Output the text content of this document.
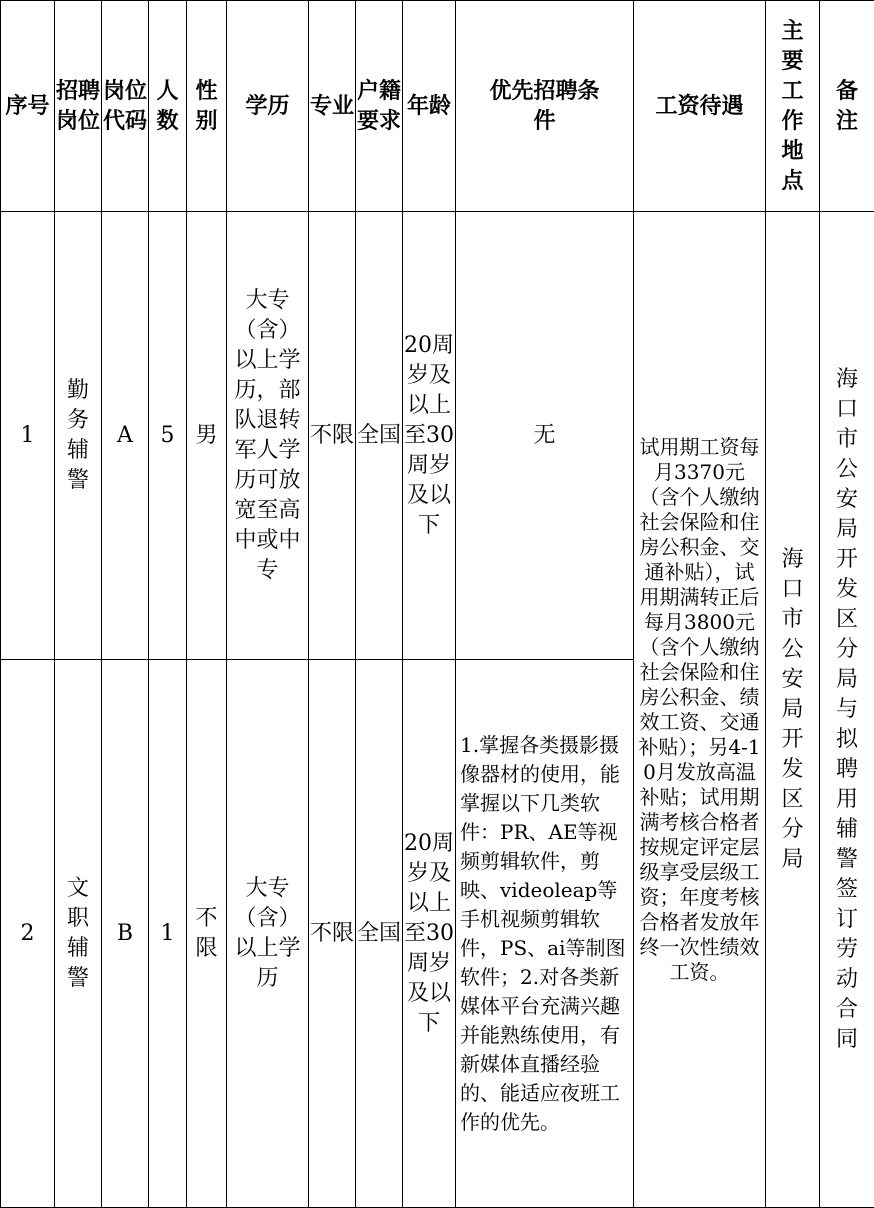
序号	招聘岗位	岗位代码	人数	性别	学历	专业	户籍要求	年龄	优先招聘条件	工资待遇	主要工作地点	备注
1	勤务辅警	A	5	男	大专（含）以上学历，部队退转军人学历可放宽至高中或中专	不限	全国	20周岁及以上至30周岁及以下	无	试用期工资每月3370元（含个人缴纳社会保险和住房公积金、交通补贴），试用期满转正后每月3800元（含个人缴纳社会保险和住房公积金、绩效工资、交通补贴）；另4-10月发放高温补贴；试用期满考核合格者按规定评定层级享受层级工资；年度考核合格者发放年终一次性绩效工资。	海口市公安局开发区分局	海口市公安局开发区分局与拟聘用辅警签订劳动合同
2	文职辅警	B	1	不限	大专（含）以上学历	不限	全国	20周岁及以上至30周岁及以下	1.掌握各类摄影摄像器材的使用，能掌握以下几类软件：PR、AE等视频剪辑软件，剪映、videoleap等手机视频剪辑软件，PS、ai等制图软件；2.对各类新媒体平台充满兴趣并能熟练使用，有新媒体直播经验的、能适应夜班工作的优先。			
